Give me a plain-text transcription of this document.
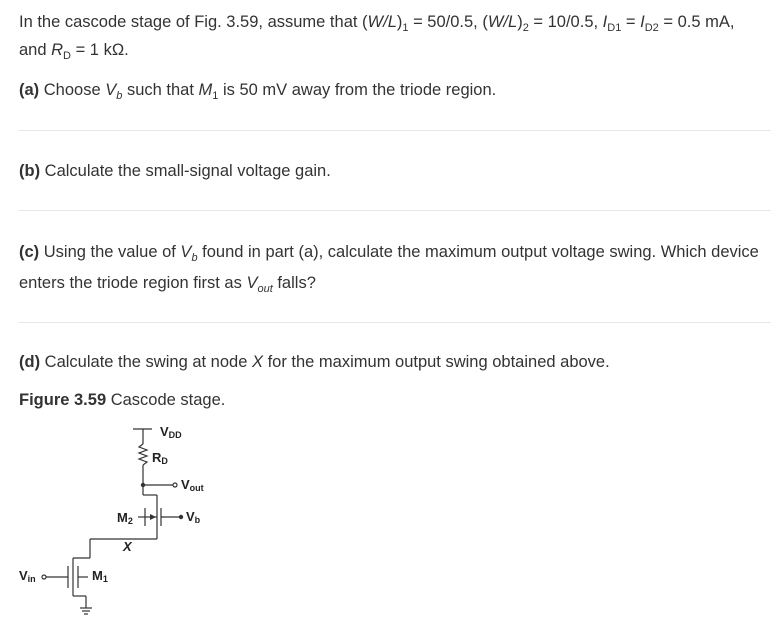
In the cascode stage of Fig. 3.59, assume that $(W/L)_1 = 50/0.5$, $(W/L)_2 = 10/0.5$, $I_{D1} = I_{D2} = 0.5$ mA, and $R_D = 1$ kΩ.
(a) Choose $V_b$ such that $M_1$ is 50 mV away from the triode region.
(b) Calculate the small-signal voltage gain.
(c) Using the value of $V_b$ found in part (a), calculate the maximum output voltage swing. Which device enters the triode region first as $V_{out}$ falls?
(d) Calculate the swing at node X for the maximum output swing obtained above.
Figure 3.59 Cascode stage.
VDD
RD
Vout
Vb
M2
X
Vin	M1
